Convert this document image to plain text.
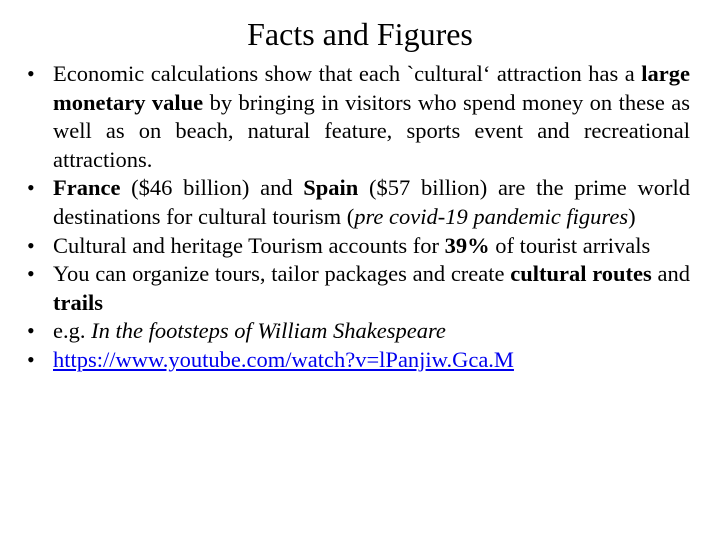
Facts and Figures
• Economic calculations show that each `cultural‘ attraction has a large monetary value by bringing in visitors who spend money on these as well as on beach, natural feature, sports event and recreational attractions.
• France ($46 billion) and Spain ($57 billion) are the prime world destinations for cultural tourism (pre covid-19 pandemic figures)
• Cultural and heritage Tourism accounts for 39% of tourist arrivals
• You can organize tours, tailor packages and create cultural routes and trails
• e.g. In the footsteps of William Shakespeare
• https://www.youtube.com/watch?v=lPanjiw.Gca.M
